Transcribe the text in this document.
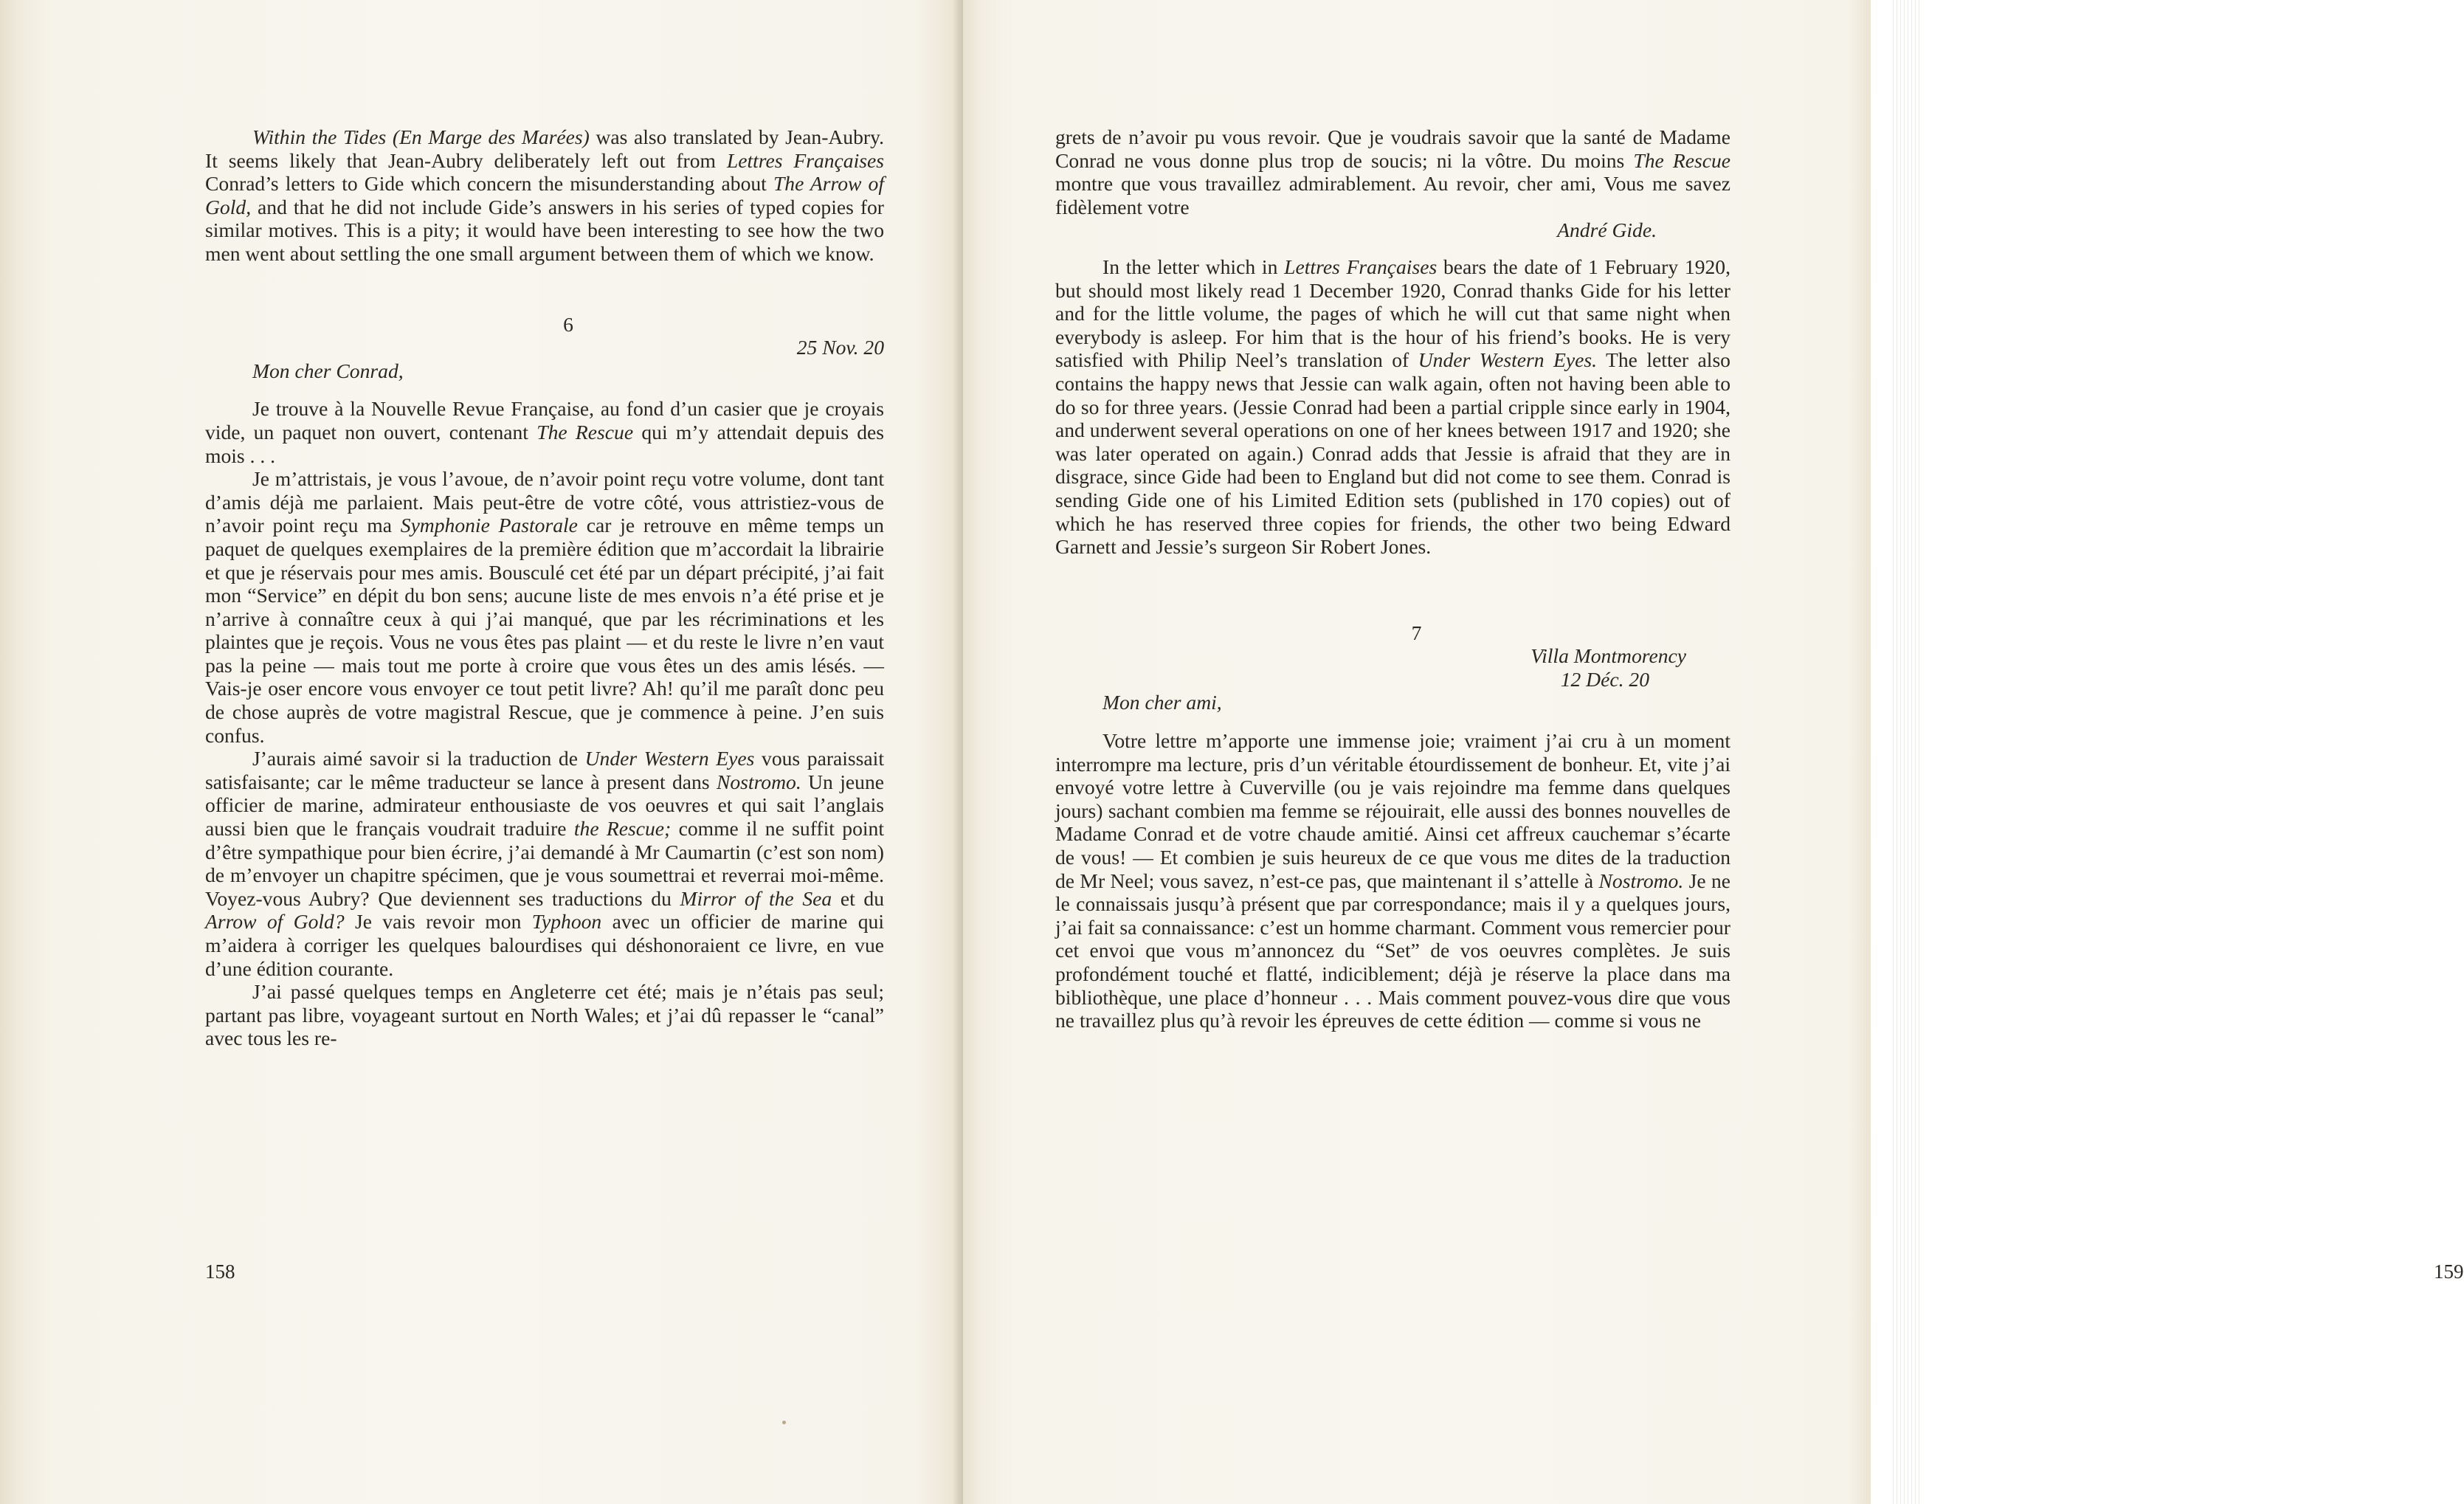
Within the Tides (En Marge des Marées) was also translated by Jean-Aubry. It seems likely that Jean-Aubry deliberately left out from Lettres Françaises Conrad’s letters to Gide which concern the misunderstanding about The Arrow of Gold, and that he did not include Gide’s answers in his series of typed copies for similar motives. This is a pity; it would have been interesting to see how the two men went about settling the one small argument between them of which we know.

6

25 Nov. 20

Mon cher Conrad,

Je trouve à la Nouvelle Revue Française, au fond d’un casier que je croyais vide, un paquet non ouvert, contenant The Rescue qui m’y attendait depuis des mois . . .

Je m’attristais, je vous l’avoue, de n’avoir point reçu votre volume, dont tant d’amis déjà me parlaient. Mais peut-être de votre côté, vous attristiez-vous de n’avoir point reçu ma Symphonie Pastorale car je retrouve en même temps un paquet de quelques exemplaires de la première édition que m’accordait la librairie et que je réservais pour mes amis. Bousculé cet été par un départ précipité, j’ai fait mon “Service” en dépit du bon sens; aucune liste de mes envois n’a été prise et je n’arrive à connaître ceux à qui j’ai manqué, que par les récriminations et les plaintes que je reçois. Vous ne vous êtes pas plaint — et du reste le livre n’en vaut pas la peine — mais tout me porte à croire que vous êtes un des amis lésés. — Vais-je oser encore vous envoyer ce tout petit livre? Ah! qu’il me paraît donc peu de chose auprès de votre magistral Rescue, que je commence à peine. J’en suis confus.

J’aurais aimé savoir si la traduction de Under Western Eyes vous paraissait satisfaisante; car le même traducteur se lance à present dans Nostromo. Un jeune officier de marine, admirateur enthousiaste de vos oeuvres et qui sait l’anglais aussi bien que le français voudrait traduire the Rescue; comme il ne suffit point d’être sympathique pour bien écrire, j’ai demandé à Mr Caumartin (c’est son nom) de m’envoyer un chapitre spécimen, que je vous soumettrai et reverrai moi-même. Voyez-vous Aubry? Que deviennent ses traductions du Mirror of the Sea et du Arrow of Gold? Je vais revoir mon Typhoon avec un officier de marine qui m’aidera à corriger les quelques balourdises qui déshonoraient ce livre, en vue d’une édition courante.

J’ai passé quelques temps en Angleterre cet été; mais je n’étais pas seul; partant pas libre, voyageant surtout en North Wales; et j’ai dû repasser le “canal” avec tous les re-

158

grets de n’avoir pu vous revoir. Que je voudrais savoir que la santé de Madame Conrad ne vous donne plus trop de soucis; ni la vôtre. Du moins The Rescue montre que vous travaillez admirablement. Au revoir, cher ami, Vous me savez fidèlement votre

André Gide.

In the letter which in Lettres Françaises bears the date of 1 February 1920, but should most likely read 1 December 1920, Conrad thanks Gide for his letter and for the little volume, the pages of which he will cut that same night when everybody is asleep. For him that is the hour of his friend’s books. He is very satisfied with Philip Neel’s translation of Under Western Eyes. The letter also contains the happy news that Jessie can walk again, often not having been able to do so for three years. (Jessie Conrad had been a partial cripple since early in 1904, and underwent several operations on one of her knees between 1917 and 1920; she was later operated on again.) Conrad adds that Jessie is afraid that they are in disgrace, since Gide had been to England but did not come to see them. Conrad is sending Gide one of his Limited Edition sets (published in 170 copies) out of which he has reserved three copies for friends, the other two being Edward Garnett and Jessie’s surgeon Sir Robert Jones.

7

Villa Montmorency

12 Déc. 20

Mon cher ami,

Votre lettre m’apporte une immense joie; vraiment j’ai cru à un moment interrompre ma lecture, pris d’un véritable étourdissement de bonheur. Et, vite j’ai envoyé votre lettre à Cuverville (ou je vais rejoindre ma femme dans quelques jours) sachant combien ma femme se réjouirait, elle aussi des bonnes nouvelles de Madame Conrad et de votre chaude amitié. Ainsi cet affreux cauchemar s’écarte de vous! — Et combien je suis heureux de ce que vous me dites de la traduction de Mr Neel; vous savez, n’est-ce pas, que maintenant il s’attelle à Nostromo. Je ne le connaissais jusqu’à présent que par correspondance; mais il y a quelques jours, j’ai fait sa connaissance: c’est un homme charmant. Comment vous remercier pour cet envoi que vous m’annoncez du “Set” de vos oeuvres complètes. Je suis profondément touché et flatté, indiciblement; déjà je réserve la place dans ma bibliothèque, une place d’honneur . . . Mais comment pouvez-vous dire que vous ne travaillez plus qu’à revoir les épreuves de cette édition — comme si vous ne

159
